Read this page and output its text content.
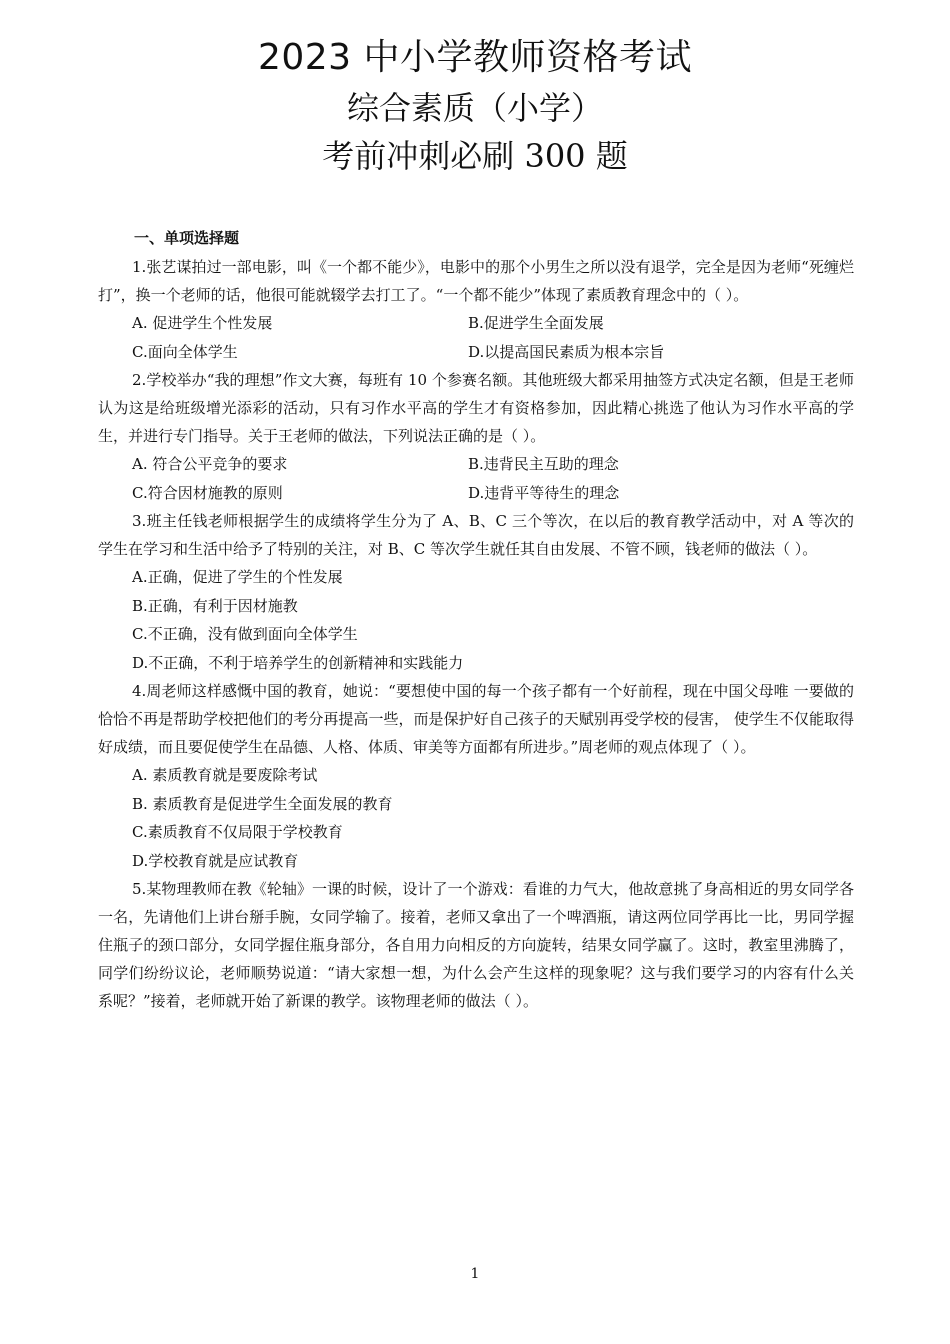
2023 中小学教师资格考试
综合素质（小学）
考前冲刺必刷 300 题
一、单项选择题

1.张艺谋拍过一部电影，叫《一个都不能少》，电影中的那个小男生之所以没有退学，完全是因为老师“死缠烂打”，换一个老师的话，他很可能就辍学去打工了。“一个都不能少”体现了素质教育理念中的（ ）。

A. 促进学生个性发展	B.促进学生全面发展
C.面向全体学生	D.以提高国民素质为根本宗旨

2.学校举办“我的理想”作文大赛，每班有 10 个参赛名额。其他班级大都采用抽签方式决定名额，但是王老师认为这是给班级增光添彩的活动，只有习作水平高的学生才有资格参加，因此精心挑选了他认为习作水平高的学生，并进行专门指导。关于王老师的做法，下列说法正确的是（ ）。

A. 符合公平竞争的要求	B.违背民主互助的理念
C.符合因材施教的原则	D.违背平等待生的理念

3.班主任钱老师根据学生的成绩将学生分为了 A、B、C 三个等次，在以后的教育教学活动中，对 A 等次的学生在学习和生活中给予了特别的关注，对 B、C 等次学生就任其自由发展、不管不顾，钱老师的做法（ ）。

A.正确，促进了学生的个性发展
B.正确，有利于因材施教
C.不正确，没有做到面向全体学生
D.不正确，不利于培养学生的创新精神和实践能力

4.周老师这样感慨中国的教育，她说：“要想使中国的每一个孩子都有一个好前程，现在中国父母唯 一要做的恰恰不再是帮助学校把他们的考分再提高一些，而是保护好自己孩子的天赋别再受学校的侵害， 使学生不仅能取得好成绩，而且要促使学生在品德、人格、体质、审美等方面都有所进步。”周老师的观点体现了（ ）。

A. 素质教育就是要废除考试
B. 素质教育是促进学生全面发展的教育
C.素质教育不仅局限于学校教育
D.学校教育就是应试教育

5.某物理教师在教《轮轴》一课的时候，设计了一个游戏：看谁的力气大，他故意挑了身高相近的男女同学各一名，先请他们上讲台掰手腕，女同学输了。接着，老师又拿出了一个啤酒瓶，请这两位同学再比一比，男同学握住瓶子的颈口部分，女同学握住瓶身部分，各自用力向相反的方向旋转，结果女同学赢了。这时，教室里沸腾了，同学们纷纷议论，老师顺势说道：“请大家想一想，为什么会产生这样的现象呢？这与我们要学习的内容有什么关系呢？”接着，老师就开始了新课的教学。该物理老师的做法（ ）。

1
